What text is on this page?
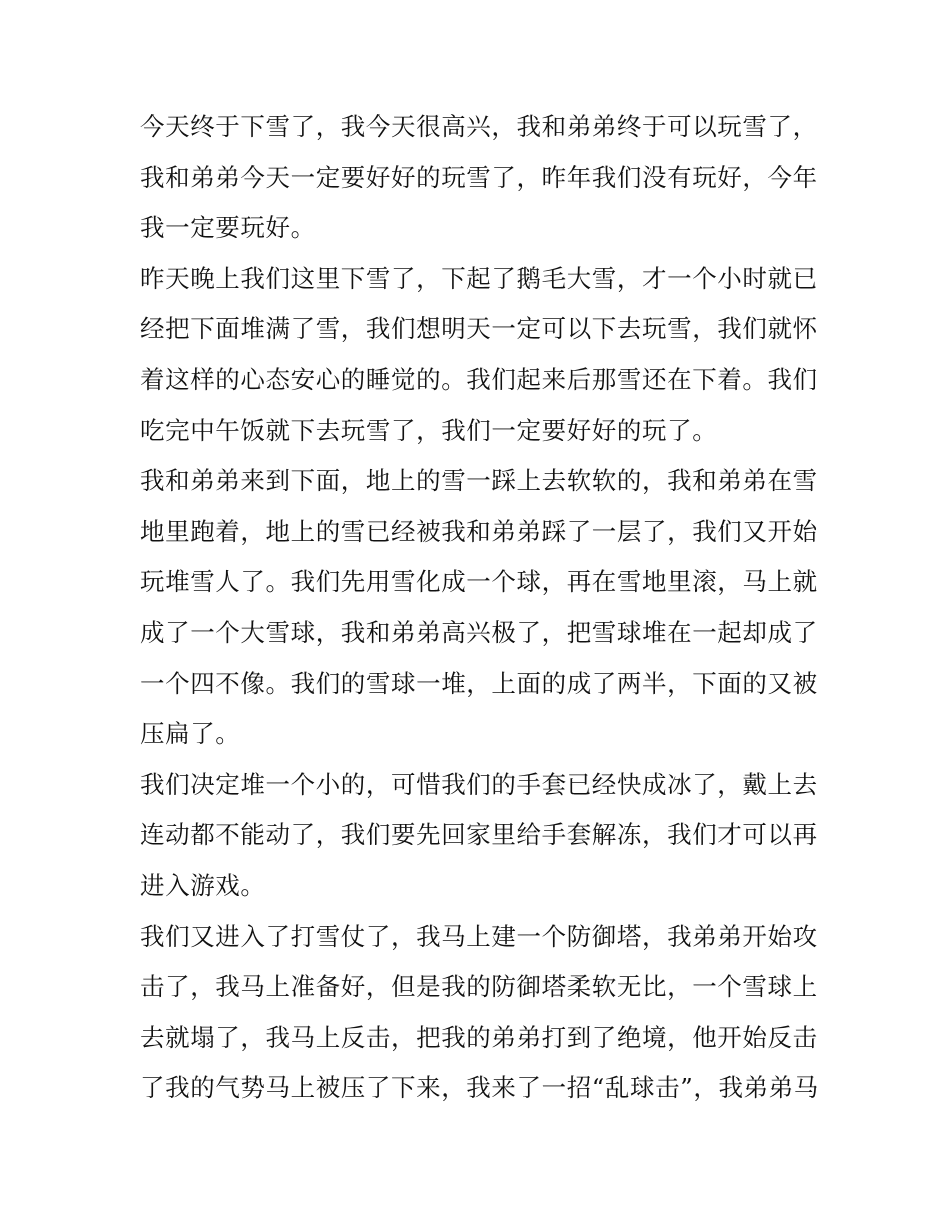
今天终于下雪了，我今天很高兴，我和弟弟终于可以玩雪了，
我和弟弟今天一定要好好的玩雪了，昨年我们没有玩好，今年
我一定要玩好。
昨天晚上我们这里下雪了，下起了鹅毛大雪，才一个小时就已
经把下面堆满了雪，我们想明天一定可以下去玩雪，我们就怀
着这样的心态安心的睡觉的。我们起来后那雪还在下着。我们
吃完中午饭就下去玩雪了，我们一定要好好的玩了。
我和弟弟来到下面，地上的雪一踩上去软软的，我和弟弟在雪
地里跑着，地上的雪已经被我和弟弟踩了一层了，我们又开始
玩堆雪人了。我们先用雪化成一个球，再在雪地里滚，马上就
成了一个大雪球，我和弟弟高兴极了，把雪球堆在一起却成了
一个四不像。我们的雪球一堆，上面的成了两半，下面的又被
压扁了。
我们决定堆一个小的，可惜我们的手套已经快成冰了，戴上去
连动都不能动了，我们要先回家里给手套解冻，我们才可以再
进入游戏。
我们又进入了打雪仗了，我马上建一个防御塔，我弟弟开始攻
击了，我马上准备好，但是我的防御塔柔软无比，一个雪球上
去就塌了，我马上反击，把我的弟弟打到了绝境，他开始反击
了我的气势马上被压了下来，我来了一招“乱球击”，我弟弟马
